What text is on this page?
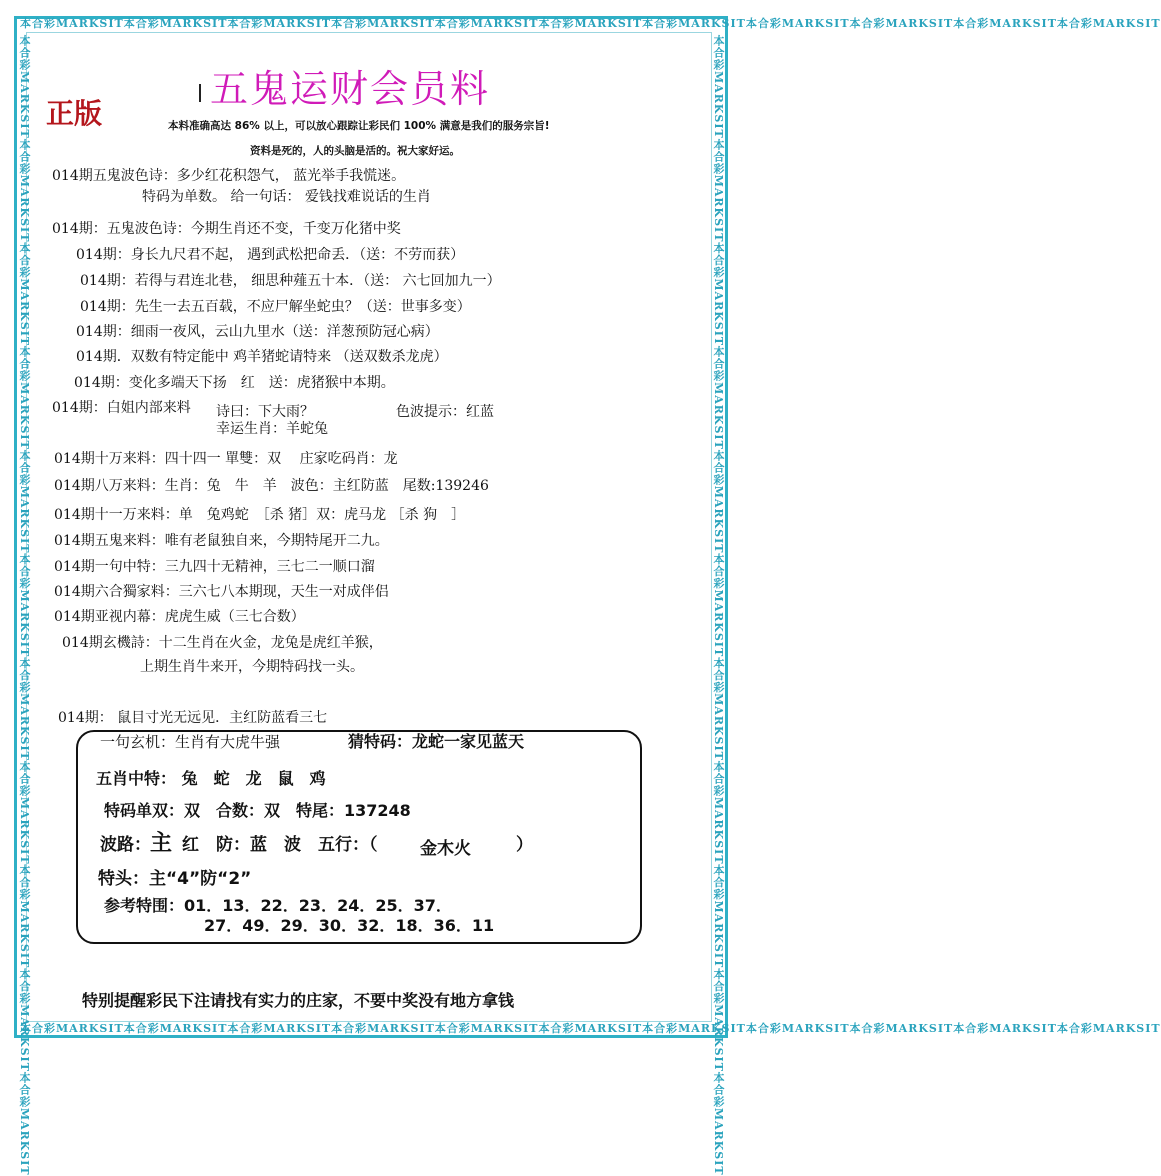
本合彩MARKSIT本合彩MARKSIT本合彩MARKSIT本合彩MARKSIT本合彩MARKSIT本合彩MARKSIT本合彩MARKSIT本合彩MARKSIT本合彩MARKSIT本合彩MARKSIT本合彩MARKSIT
本合彩MARKSIT本合彩MARKSIT本合彩MARKSIT本合彩MARKSIT本合彩MARKSIT本合彩MARKSIT本合彩MARKSIT本合彩MARKSIT本合彩MARKSIT本合彩MARKSIT本合彩MARKSIT
本合彩MARKSIT本合彩MARKSIT本合彩MARKSIT本合彩MARKSIT本合彩MARKSIT本合彩MARKSIT本合彩MARKSIT本合彩MARKSIT本合彩MARKSIT本合彩MARKSIT本合彩MARKSIT	本合彩MARKSIT本合彩MARKSIT本合彩MARKSIT本合彩MARKSIT本合彩MARKSIT本合彩MARKSIT本合彩MARKSIT本合彩MARKSIT本合彩MARKSIT本合彩MARKSIT本合彩MARKSIT
五鬼运财会员料
正版	本料准确高达 86% 以上，可以放心跟踪让彩民们 100% 满意是我们的服务宗旨!
资料是死的，人的头脑是活的。祝大家好运。
014期五鬼波色诗：多少红花积怨气， 蓝光举手我慌迷。
特码为单数。 给一句话： 爱钱找难说话的生肖
014期：五鬼波色诗：今期生肖还不变，千变万化猪中奖
014期：身长九尺君不起， 遇到武松把命丢．（送：不劳而获）
014期：若得与君连北巷， 细思种薤五十本．（送： 六七回加九一）
014期：先生一去五百载，不应尸解坐蛇虫？（送：世事多变）
014期：细雨一夜风，云山九里水（送：洋葱预防冠心病）
014期．双数有特定能中 鸡羊猪蛇请特来 （送双数杀龙虎）
014期：变化多端天下扬　红　送：虎猪猴中本期。
014期：白姐内部来料 诗曰：下大雨？	色波提示：红蓝
幸运生肖：羊蛇兔
014期十万来料：四十四一 單雙：双　 庄家吃码肖：龙
014期八万来料：生肖：兔　牛　羊　波色：主红防蓝　尾数:139246
014期十一万来料：单　兔鸡蛇　［杀 猪］双：虎马龙 ［杀 狗　］
014期五鬼来料：唯有老鼠独自来，今期特尾开二九。
014期一句中特：三九四十无精神，三七二一顺口溜
014期六合獨家料：三六七八本期现，天生一对成伴侣
014期亚视内幕：虎虎生威（三七合数）
014期玄機詩：十二生肖在火金，龙兔是虎红羊猴，
上期生肖牛来开，今期特码找一头。
014期： 鼠目寸光无远见．主红防蓝看三七
一句玄机：生肖有大虎牛强	猜特码：龙蛇一家见蓝天
五肖中特： 兔　蛇　龙　鼠　鸡
特码单双：双　合数：双　特尾：137248
波路： 主 红　防：蓝　波　五行：（	金木火	）
特头：主“4”防“2”
参考特围：01．13．22．23．24．25．37．
27．49．29．30．32．18．36．11
特别提醒彩民下注请找有实力的庄家，不要中奖没有地方拿钱
